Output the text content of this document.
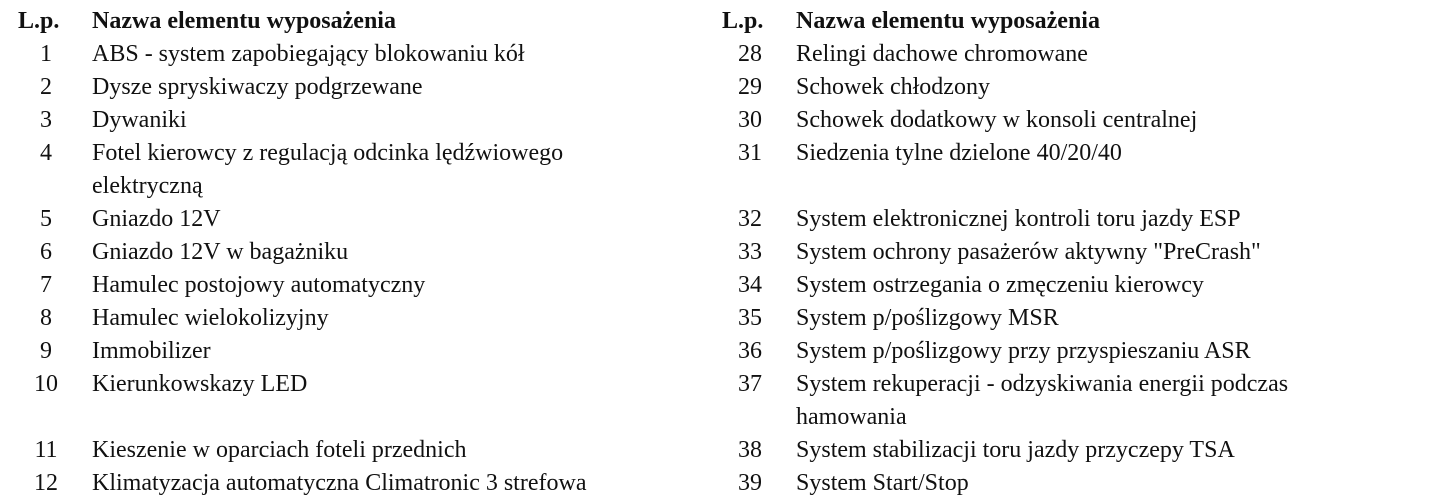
L.p.	Nazwa elementu wyposażenia
1	ABS - system zapobiegający blokowaniu kół
2	Dysze spryskiwaczy podgrzewane
3	Dywaniki
4	Fotel kierowcy z regulacją odcinka lędźwiowego elektryczną
5	Gniazdo 12V
6	Gniazdo 12V w bagażniku
7	Hamulec postojowy automatyczny
8	Hamulec wielokolizyjny
9	Immobilizer
10	Kierunkowskazy LED
11	Kieszenie w oparciach foteli przednich
12	Klimatyzacja automatyczna Climatronic 3 strefowa
L.p.	Nazwa elementu wyposażenia
28	Relingi dachowe chromowane
29	Schowek chłodzony
30	Schowek dodatkowy w konsoli centralnej
31	Siedzenia tylne dzielone 40/20/40
32	System elektronicznej kontroli toru jazdy ESP
33	System ochrony pasażerów aktywny "PreCrash"
34	System ostrzegania o zmęczeniu kierowcy
35	System p/poślizgowy MSR
36	System p/poślizgowy przy przyspieszaniu ASR
37	System rekuperacji - odzyskiwania energii podczas hamowania
38	System stabilizacji toru jazdy przyczepy TSA
39	System Start/Stop
